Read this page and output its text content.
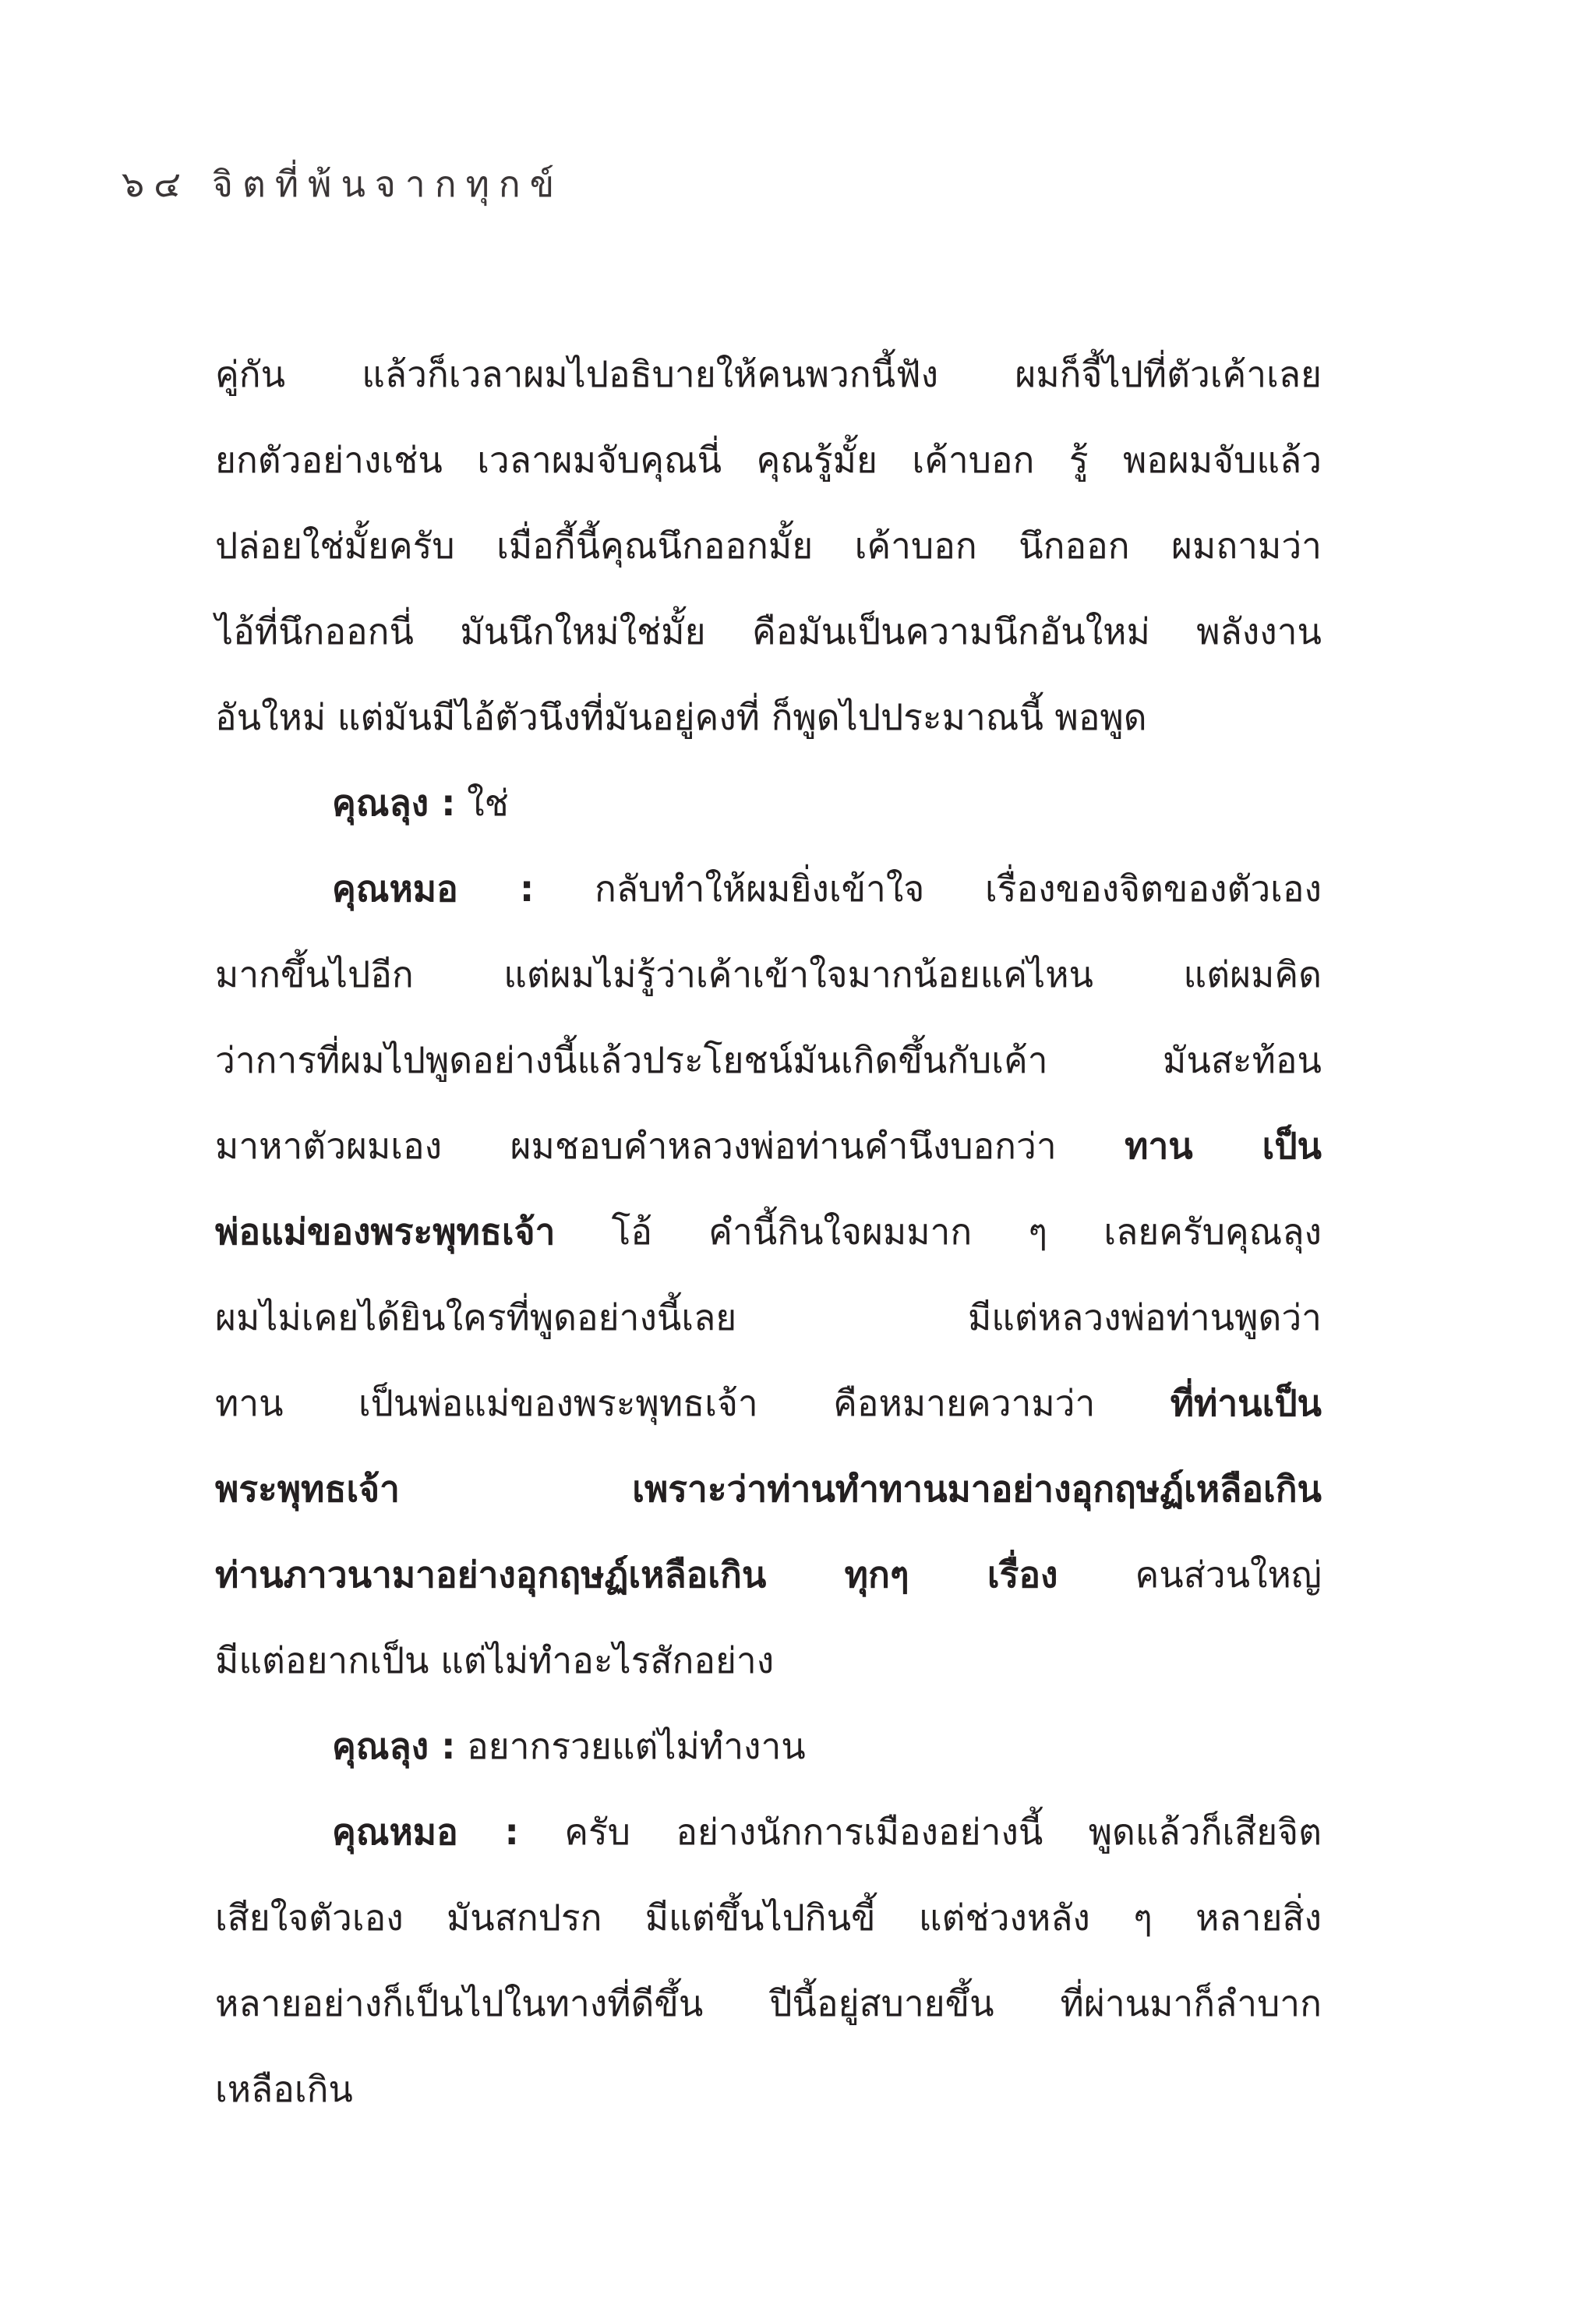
๖๔ จิตที่พ้นจากทุกข์
คู่กัน แล้วก็เวลาผมไปอธิบายให้คนพวกนี้ฟัง ผมก็จี้ไปที่ตัวเค้าเลย
ยกตัวอย่างเช่น เวลาผมจับคุณนี่ คุณรู้มั้ย เค้าบอก รู้ พอผมจับแล้ว
ปล่อยใช่มั้ยครับ เมื่อกี้นี้คุณนึกออกมั้ย เค้าบอก นึกออก ผมถามว่า
ไอ้ที่นึกออกนี่ มันนึกใหม่ใช่มั้ย คือมันเป็นความนึกอันใหม่ พลังงาน
อันใหม่ แต่มันมีไอ้ตัวนึงที่มันอยู่คงที่ ก็พูดไปประมาณนี้ พอพูด
คุณลุง : ใช่
คุณหมอ : กลับทำให้ผมยิ่งเข้าใจ เรื่องของจิตของตัวเอง
มากขึ้นไปอีก แต่ผมไม่รู้ว่าเค้าเข้าใจมากน้อยแค่ไหน แต่ผมคิด
ว่าการที่ผมไปพูดอย่างนี้แล้วประโยชน์มันเกิดขึ้นกับเค้า มันสะท้อน
มาหาตัวผมเอง ผมชอบคำหลวงพ่อท่านคำนึงบอกว่า ทาน เป็น
พ่อแม่ของพระพุทธเจ้า โอ้ คำนี้กินใจผมมาก ๆ เลยครับคุณลุง
ผมไม่เคยได้ยินใครที่พูดอย่างนี้เลย มีแต่หลวงพ่อท่านพูดว่า
ทาน เป็นพ่อแม่ของพระพุทธเจ้า คือหมายความว่า ที่ท่านเป็น
พระพุทธเจ้า เพราะว่าท่านทำทานมาอย่างอุกฤษฏ์เหลือเกิน
ท่านภาวนามาอย่างอุกฤษฏ์เหลือเกิน ทุกๆ เรื่อง คนส่วนใหญ่
มีแต่อยากเป็น แต่ไม่ทำอะไรสักอย่าง
คุณลุง : อยากรวยแต่ไม่ทำงาน
คุณหมอ : ครับ อย่างนักการเมืองอย่างนี้ พูดแล้วก็เสียจิต
เสียใจตัวเอง มันสกปรก มีแต่ขึ้นไปกินขี้ แต่ช่วงหลัง ๆ หลายสิ่ง
หลายอย่างก็เป็นไปในทางที่ดีขึ้น ปีนี้อยู่สบายขึ้น ที่ผ่านมาก็ลำบาก
เหลือเกิน
